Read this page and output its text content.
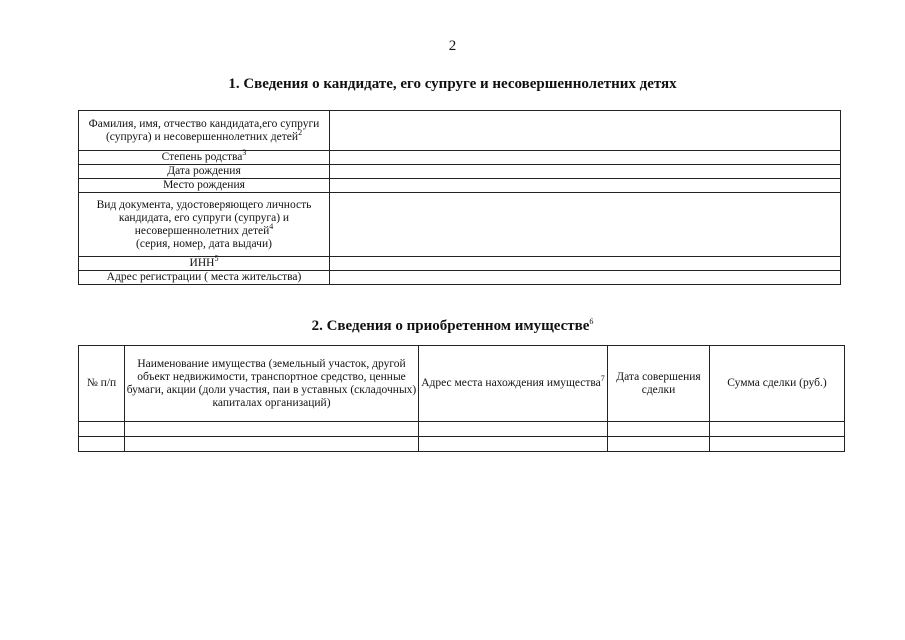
2
1. Сведения о кандидате, его супруге и несовершеннолетних детях
Фамилия, имя, отчество кандидата,его супруги (супруга) и несовершеннолетних детей$^2$	
Степень родства$^3$	
Дата рождения	
Место рождения	
Вид документа, удостоверяющего личность кандидата, его супруги (супруга) и несовершеннолетних детей$^4$
(серия, номер, дата выдачи)	
ИНН$^5$	
Адрес регистрации ( места жительства)	
2. Сведения о приобретенном имуществе$^6$
№ п/п	Наименование имущества (земельный участок, другой объект недвижимости, транспортное средство, ценные бумаги, акции (доли участия, паи в уставных (складочных) капиталах организаций)	Адрес места нахождения имущества$^7$	Дата совершения сделки	Сумма сделки (руб.)
